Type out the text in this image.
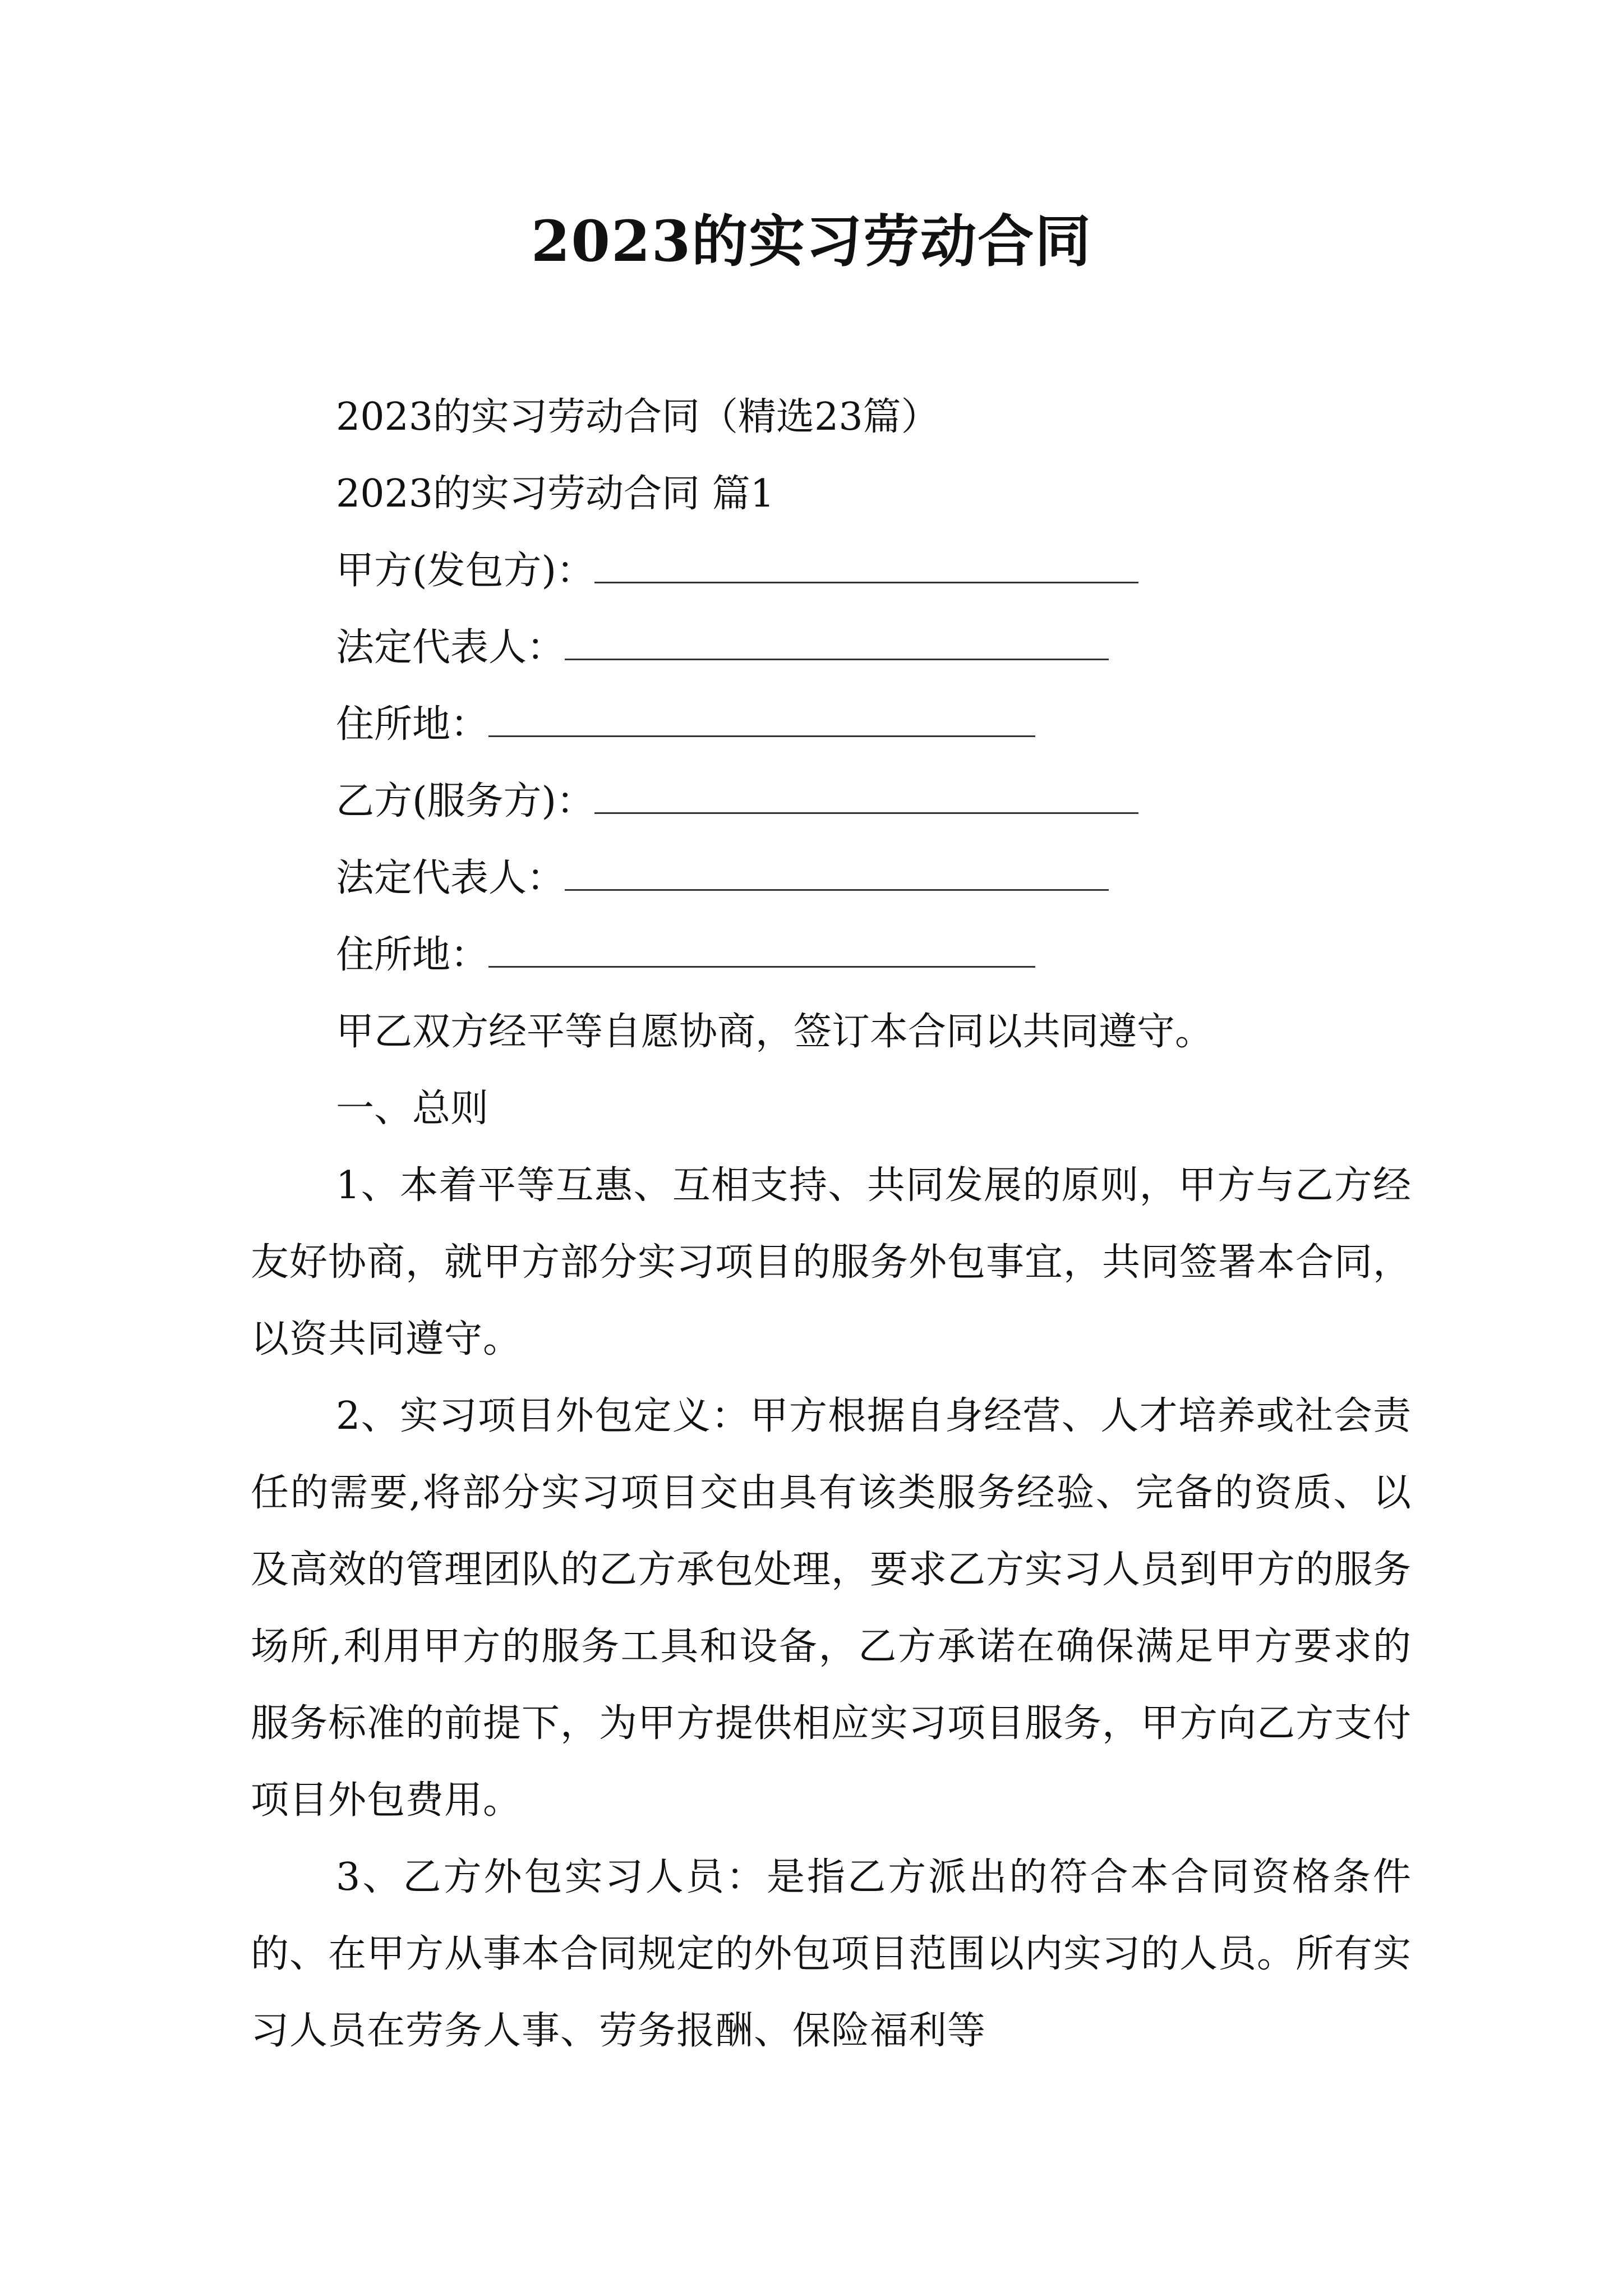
2023的实习劳动合同
2023的实习劳动合同（精选23篇）
2023的实习劳动合同 篇1
甲方(发包方)：
法定代表人：
住所地：
乙方(服务方)：
法定代表人：
住所地：
甲乙双方经平等自愿协商，签订本合同以共同遵守。
一、总则
1、本着平等互惠、互相支持、共同发展的原则，甲方与乙方经友好协商，就甲方部分实习项目的服务外包事宜，共同签署本合同，以资共同遵守。
2、实习项目外包定义：甲方根据自身经营、人才培养或社会责任的需要,将部分实习项目交由具有该类服务经验、完备的资质、以及高效的管理团队的乙方承包处理，要求乙方实习人员到甲方的服务场所,利用甲方的服务工具和设备，乙方承诺在确保满足甲方要求的服务标准的前提下，为甲方提供相应实习项目服务，甲方向乙方支付项目外包费用。
3、乙方外包实习人员：是指乙方派出的符合本合同资格条件的、在甲方从事本合同规定的外包项目范围以内实习的人员。所有实习人员在劳务人事、劳务报酬、保险福利等
